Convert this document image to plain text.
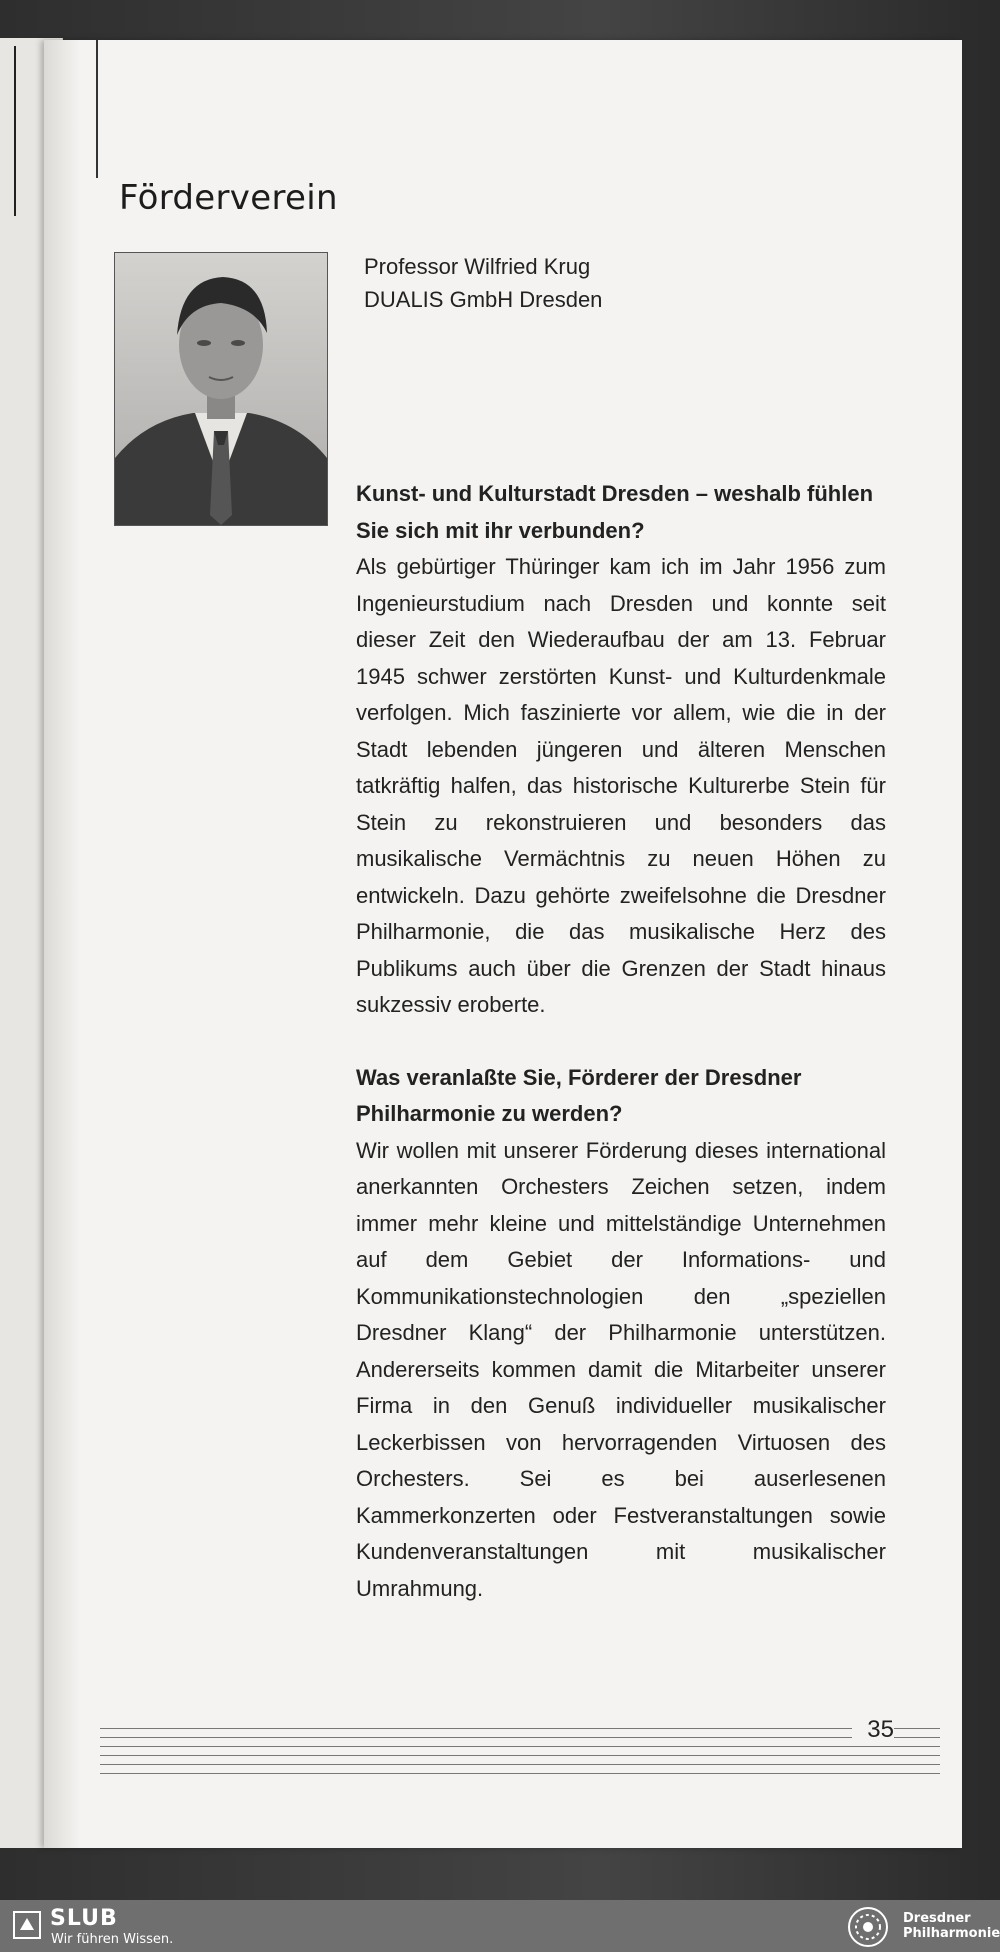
Förderverein
Professor Wilfried Krug
DUALIS GmbH Dresden

Kunst- und Kulturstadt Dresden – weshalb fühlen Sie sich mit ihr verbunden?

Als gebürtiger Thüringer kam ich im Jahr 1956 zum Ingenieurstudium nach Dresden und konnte seit dieser Zeit den Wiederaufbau der am 13. Februar 1945 schwer zerstörten Kunst- und Kulturdenkmale verfolgen. Mich faszinierte vor allem, wie die in der Stadt lebenden jüngeren und älteren Menschen tatkräftig halfen, das historische Kulturerbe Stein für Stein zu rekonstruieren und besonders das musikalische Vermächtnis zu neuen Höhen zu entwickeln. Dazu gehörte zweifelsohne die Dresdner Philharmonie, die das musikalische Herz des Publikums auch über die Grenzen der Stadt hinaus sukzessiv eroberte.

Was veranlaßte Sie, Förderer der Dresdner Philharmonie zu werden?

Wir wollen mit unserer Förderung dieses international anerkannten Orchesters Zeichen setzen, indem immer mehr kleine und mittelständige Unternehmen auf dem Gebiet der Informations- und Kommunikationstechnologien den „speziellen Dresdner Klang“ der Philharmonie unterstützen. Andererseits kommen damit die Mitarbeiter unserer Firma in den Genuß individueller musikalischer Leckerbissen von hervorragenden Virtuosen des Orchesters. Sei es bei auserlesenen Kammerkonzerten oder Festveranstaltungen sowie Kundenveranstaltungen mit musikalischer Umrahmung.

35
SLUB
Wir führen Wissen.
Dresdner
Philharmonie
